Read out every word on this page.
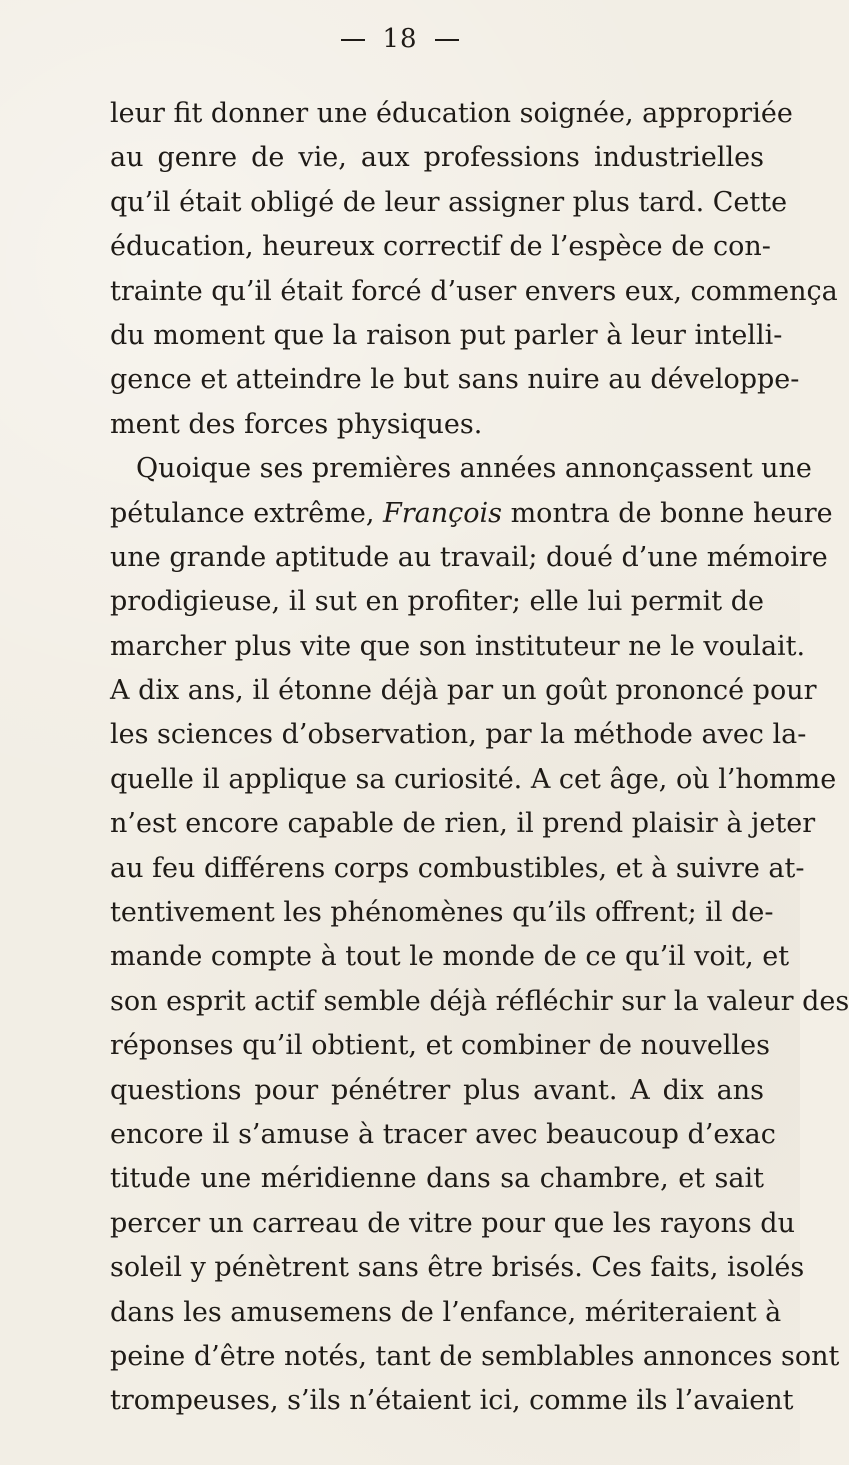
18
leur fit donner une éducation soignée, appropriée
au genre de vie, aux professions industrielles
qu’il était obligé de leur assigner plus tard. Cette
éducation, heureux correctif de l’espèce de con-
trainte qu’il était forcé d’user envers eux, commença
du moment que la raison put parler à leur intelli-
gence et atteindre le but sans nuire au développe-
ment des forces physiques.
Quoique ses premières années annonçassent une
pétulance extrême, François montra de bonne heure
une grande aptitude au travail; doué d’une mémoire
prodigieuse, il sut en profiter; elle lui permit de
marcher plus vite que son instituteur ne le voulait.
A dix ans, il étonne déjà par un goût prononcé pour
les sciences d’observation, par la méthode avec la-
quelle il applique sa curiosité. A cet âge, où l’homme
n’est encore capable de rien, il prend plaisir à jeter
au feu différens corps combustibles, et à suivre at-
tentivement les phénomènes qu’ils offrent; il de-
mande compte à tout le monde de ce qu’il voit, et
son esprit actif semble déjà réfléchir sur la valeur des
réponses qu’il obtient, et combiner de nouvelles
questions pour pénétrer plus avant. A dix ans
encore il s’amuse à tracer avec beaucoup d’exac
titude une méridienne dans sa chambre, et sait
percer un carreau de vitre pour que les rayons du
soleil y pénètrent sans être brisés. Ces faits, isolés
dans les amusemens de l’enfance, mériteraient à
peine d’être notés, tant de semblables annonces sont
trompeuses, s’ils n’étaient ici, comme ils l’avaient
